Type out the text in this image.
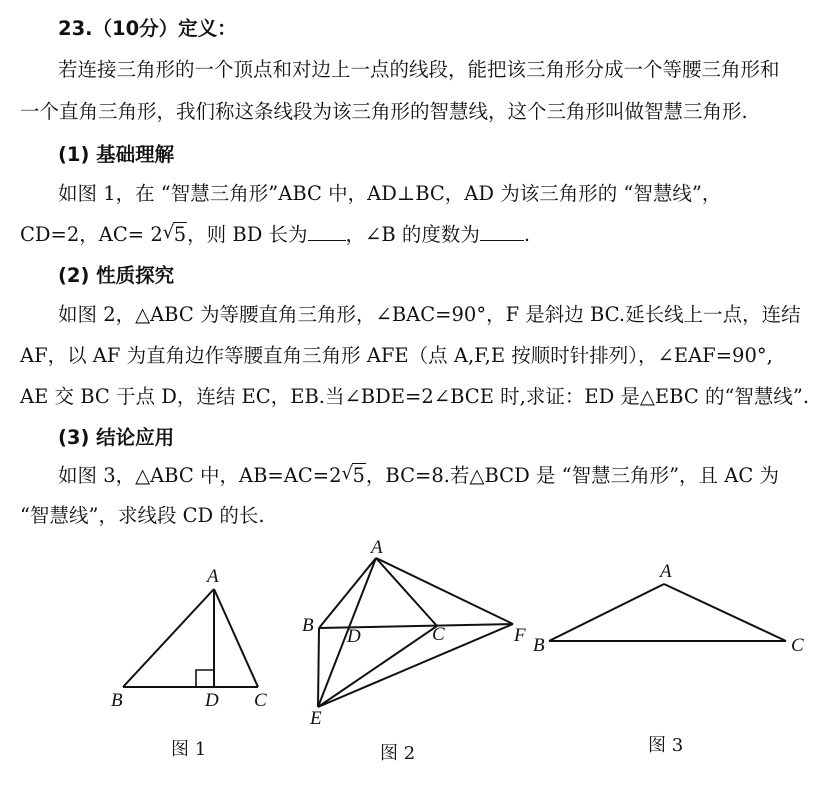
23.（10分）定义：
若连接三角形的一个顶点和对边上一点的线段，能把该三角形分成一个等腰三角形和
一个直角三角形，我们称这条线段为该三角形的智慧线，这个三角形叫做智慧三角形.
(1) 基础理解
如图 1，在 “智慧三角形”ABC 中，AD⊥BC，AD 为该三角形的 “智慧线”，
CD=2，AC= 2 √ 5，则 BD 长为 ，∠B 的度数为 .
(2) 性质探究
如图 2，△ABC 为等腰直角三角形，∠BAC=90°，F 是斜边 BC.延长线上一点，连结
AF，以 AF 为直角边作等腰直角三角形 AFE（点 A,F,E 按顺时针排列），∠EAF=90°,
AE 交 BC 于点 D，连结 EC，EB.当∠BDE=2∠BCE 时,求证：ED 是△EBC 的“智慧线”.
(3) 结论应用
如图 3，△ABC 中，AB=AC=2 √ 5，BC=8.若△BCD 是 “智慧三角形”，且 AC 为
“智慧线”，求线段 CD 的长.
A
B	D C
A
B
D	C	F
E
A
B	C
图 1	图 2	图 3
